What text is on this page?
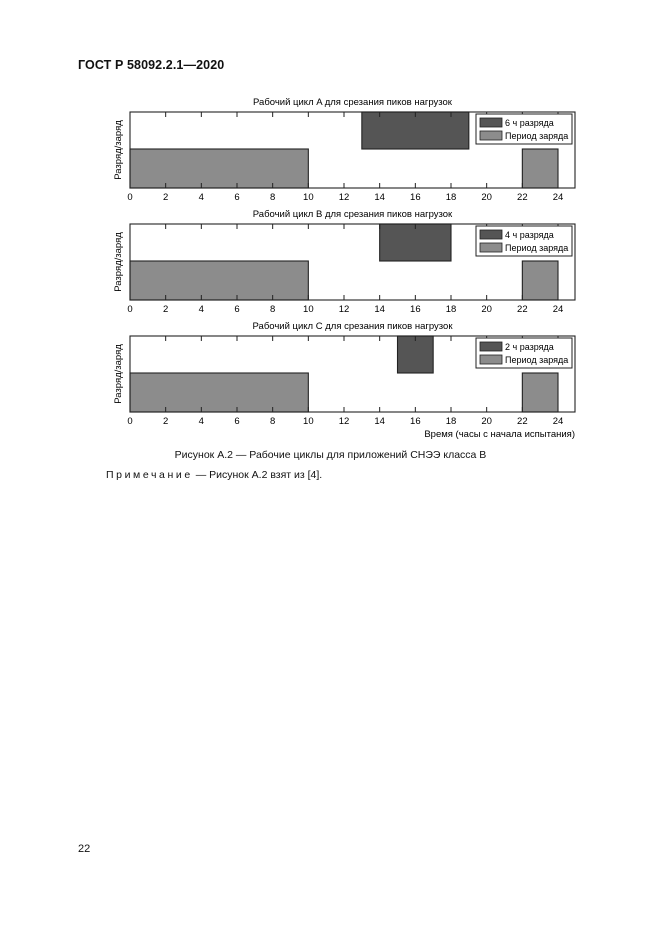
ГОСТ Р 58092.2.1—2020
Рабочий цикл A для срезания пиков нагрузок
Разряд/заряд
0	2	4	6	8	10	12	14	16	18	20	22	24
6 ч разряда
Период заряда
Рабочий цикл B для срезания пиков нагрузок
Разряд/заряд
0	2	4	6	8	10	12	14	16	18	20	22	24
4 ч разряда
Период заряда
Рабочий цикл C для срезания пиков нагрузок
Разряд/заряд
0	2	4	6	8	10	12	14	16	18	20	22	24
2 ч разряда
Период заряда
Время (часы с начала испытания)
Рисунок А.2 — Рабочие циклы для приложений СНЭЭ класса В
Примечание — Рисунок А.2 взят из [4].
22
